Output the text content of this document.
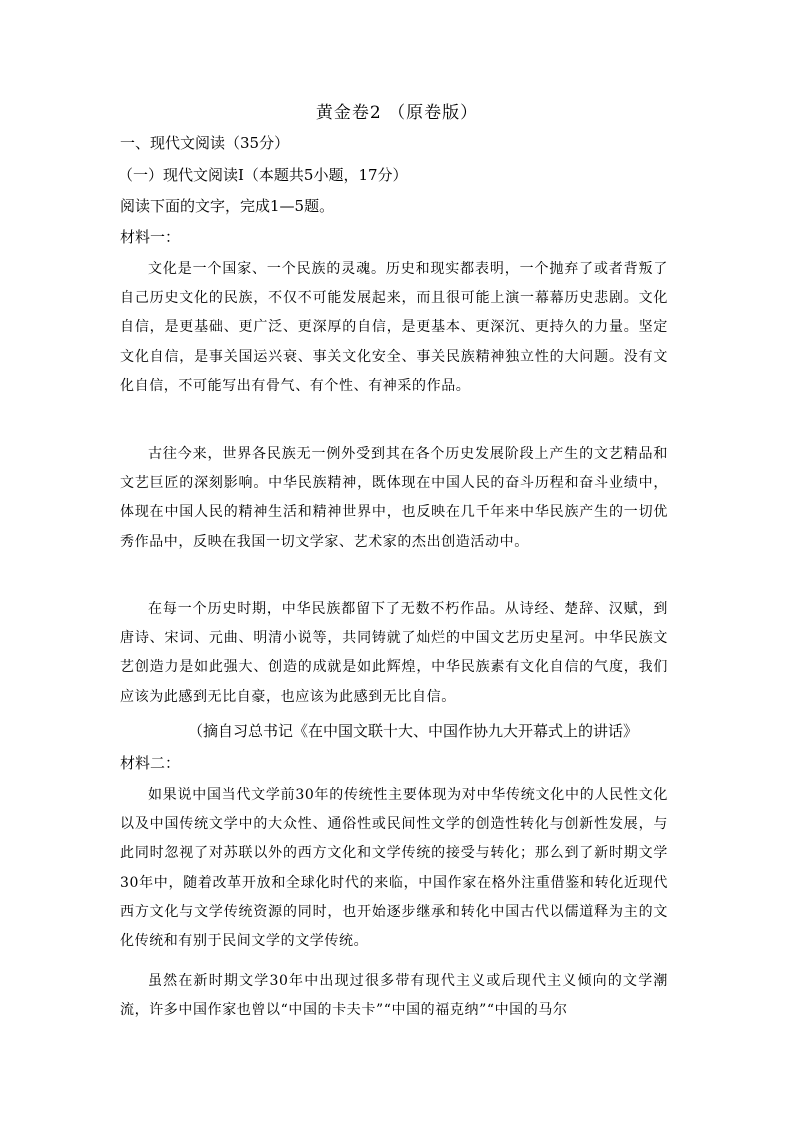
黄金卷2 （原卷版）
一、现代文阅读（35分）
（一）现代文阅读Ⅰ（本题共5小题，17分）
阅读下面的文字，完成1—5题。
材料一：

文化是一个国家、一个民族的灵魂。历史和现实都表明，一个抛弃了或者背叛了自己历史文化的民族，不仅不可能发展起来，而且很可能上演一幕幕历史悲剧。文化自信，是更基础、更广泛、更深厚的自信，是更基本、更深沉、更持久的力量。坚定文化自信，是事关国运兴衰、事关文化安全、事关民族精神独立性的大问题。没有文化自信，不可能写出有骨气、有个性、有神采的作品。

古往今来，世界各民族无一例外受到其在各个历史发展阶段上产生的文艺精品和文艺巨匠的深刻影响。中华民族精神，既体现在中国人民的奋斗历程和奋斗业绩中，体现在中国人民的精神生活和精神世界中，也反映在几千年来中华民族产生的一切优秀作品中，反映在我国一切文学家、艺术家的杰出创造活动中。

在每一个历史时期，中华民族都留下了无数不朽作品。从诗经、楚辞、汉赋，到唐诗、宋词、元曲、明清小说等，共同铸就了灿烂的中国文艺历史星河。中华民族文艺创造力是如此强大、创造的成就是如此辉煌，中华民族素有文化自信的气度，我们应该为此感到无比自豪，也应该为此感到无比自信。

（摘自习总书记《在中国文联十大、中国作协九大开幕式上的讲话》
材料二：

如果说中国当代文学前30年的传统性主要体现为对中华传统文化中的人民性文化以及中国传统文学中的大众性、通俗性或民间性文学的创造性转化与创新性发展，与此同时忽视了对苏联以外的西方文化和文学传统的接受与转化；那么到了新时期文学30年中，随着改革开放和全球化时代的来临，中国作家在格外注重借鉴和转化近现代西方文化与文学传统资源的同时，也开始逐步继承和转化中国古代以儒道释为主的文化传统和有别于民间文学的文学传统。

虽然在新时期文学30年中出现过很多带有现代主义或后现代主义倾向的文学潮流，许多中国作家也曾以“中国的卡夫卡”“中国的福克纳”“中国的马尔
